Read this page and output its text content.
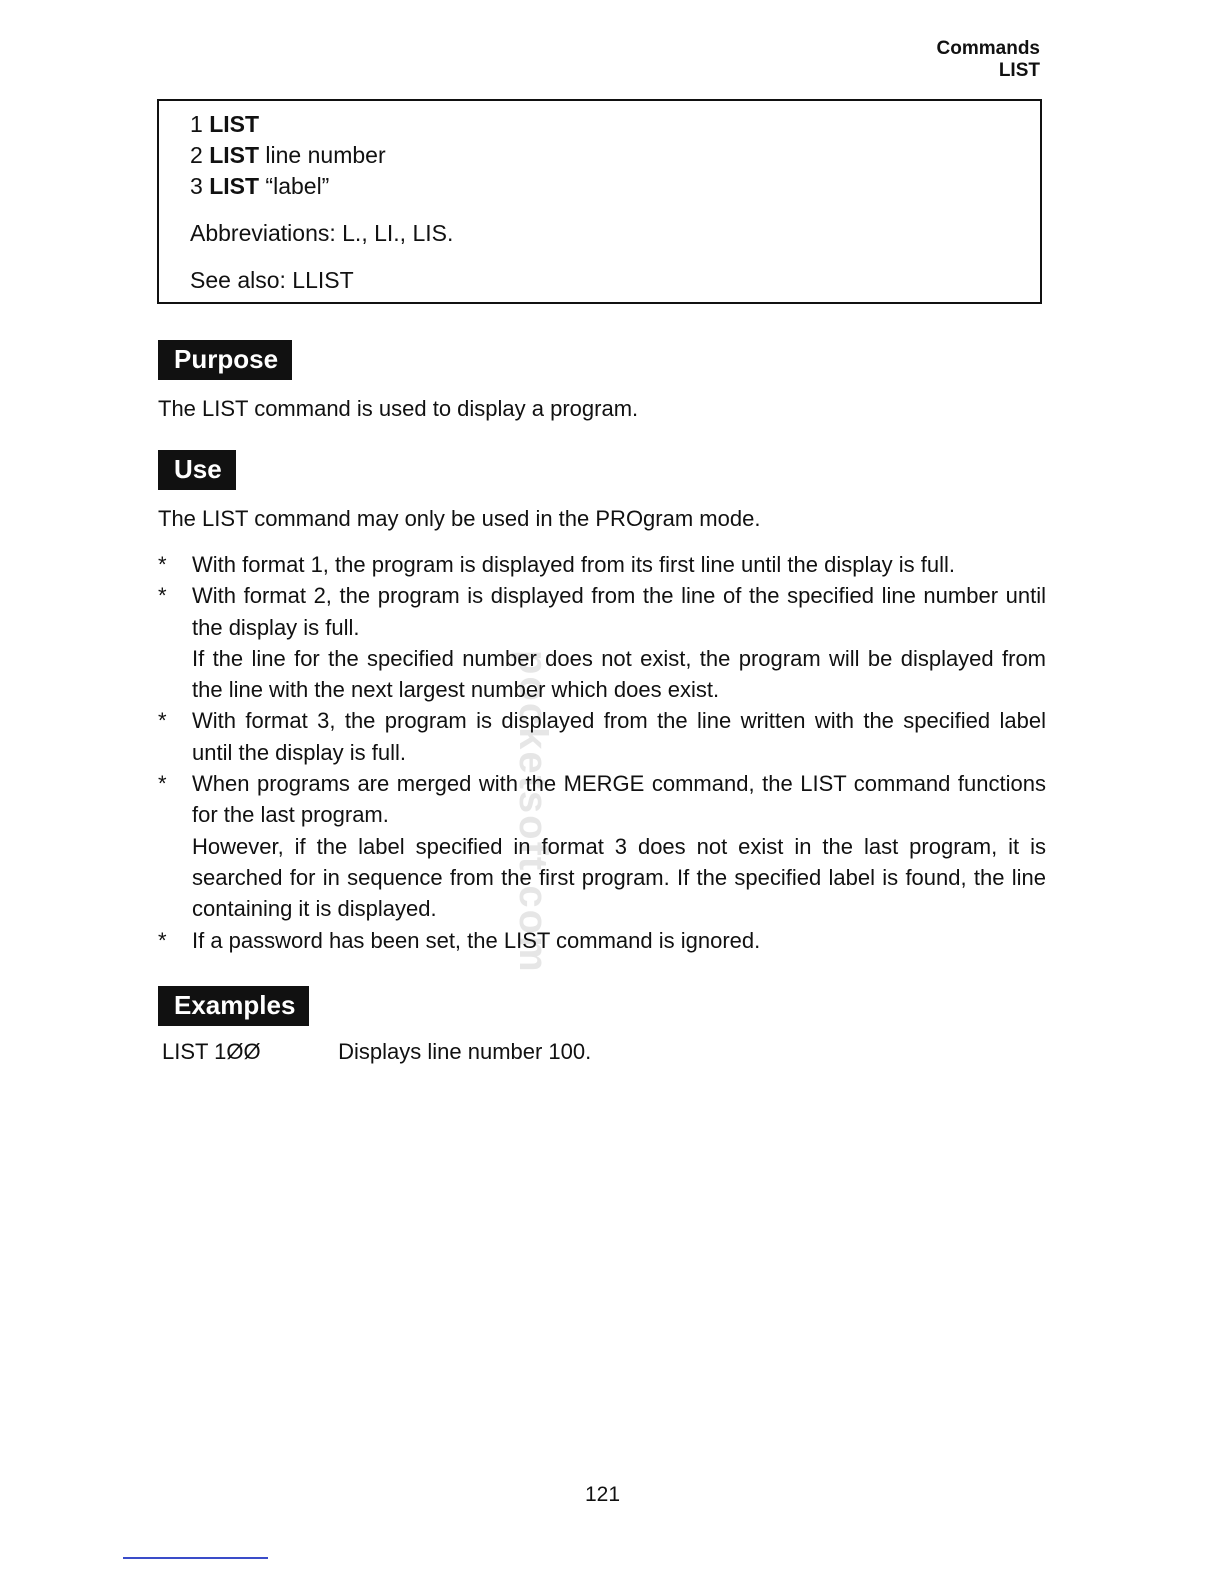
Commands
LIST
1 LIST
2 LIST line number
3 LIST “label”
Abbreviations: L., LI., LIS.
See also: LLIST
Purpose
The LIST command is used to display a program.
Use
The LIST command may only be used in the PROgram mode.
pocketsoft.com
* With format 1, the program is displayed from its first line until the display is full.

* With format 2, the program is displayed from the line of the specified line number until the display is full.

If the line for the specified number does not exist, the program will be displayed from the line with the next largest number which does exist.

* With format 3, the program is displayed from the line written with the specified label until the display is full.

* When programs are merged with the MERGE command, the LIST command functions for the last program.

However, if the label specified in format 3 does not exist in the last program, it is searched for in sequence from the first program. If the specified label is found, the line containing it is displayed.

* If a password has been set, the LIST command is ignored.

Examples
LIST 1ØØ	Displays line number 100.
121
